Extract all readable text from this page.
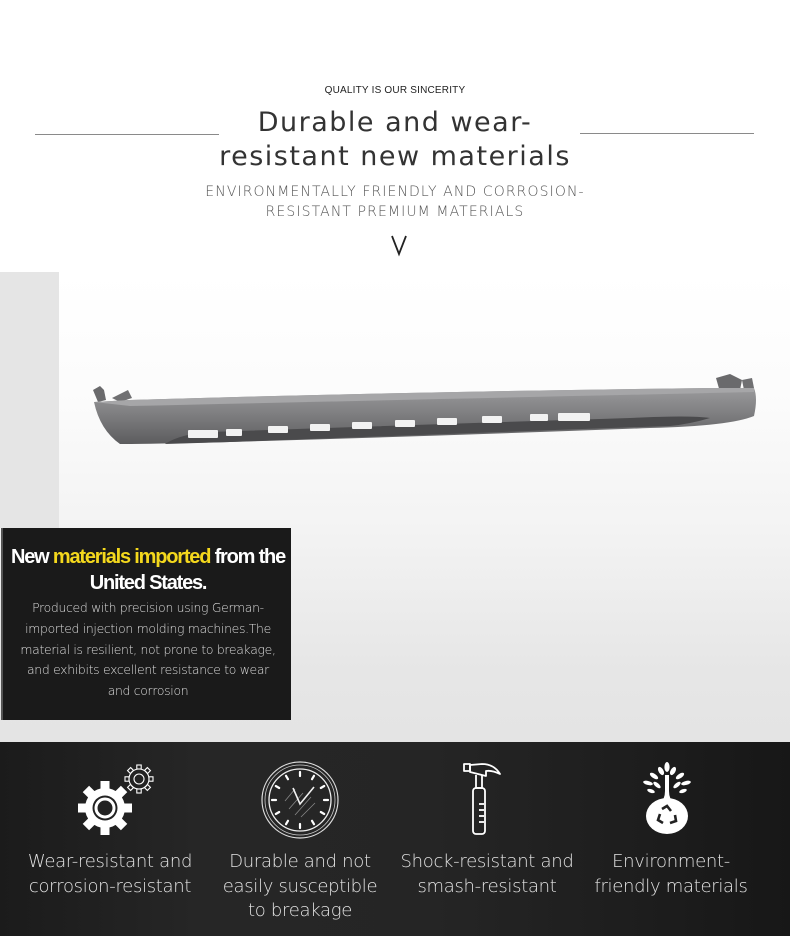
QUALITY IS OUR SINCERITY
Durable and wear-resistant new materials
ENVIRONMENTALLY FRIENDLY AND CORROSION-RESISTANT PREMIUM MATERIALS
New materials imported from the United States.
Produced with precision using German-imported injection molding machines.The material is resilient, not prone to breakage, and exhibits excellent resistance to wear and corrosion
Wear-resistant and corrosion-resistant
Durable and not easily susceptible to breakage
Shock-resistant and smash-resistant
Environment-friendly materials
